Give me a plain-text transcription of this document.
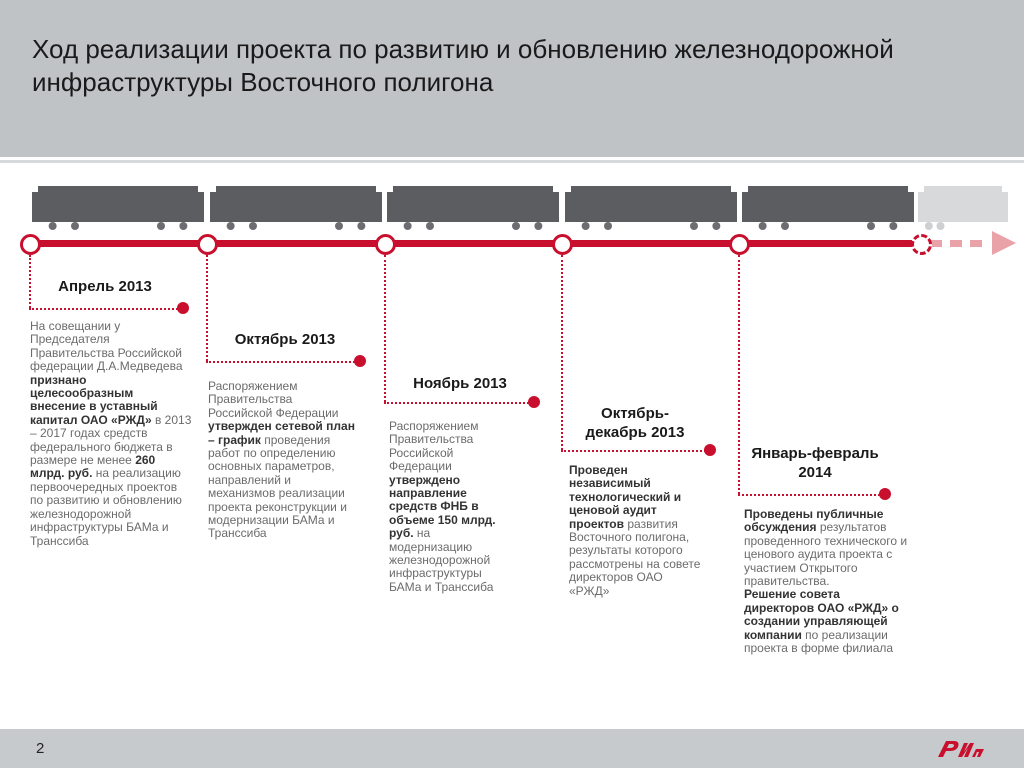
Ход реализации проекта по развитию и обновлению железнодорожной инфраструктуры Восточного полигона
Апрель 2013
На совещании у Председателя Правительства Российской федерации Д.А.Медведева признано целесообразным внесение в уставный капитал ОАО «РЖД» в 2013 – 2017 годах средств федерального бюджета в размере не менее 260 млрд. руб. на реализацию первоочередных проектов по развитию и обновлению железнодорожной инфраструктуры БАМа и Транссиба
Октябрь 2013
Распоряжением Правительства Российской Федерации утвержден сетевой план – график проведения работ по определению основных параметров, направлений и механизмов реализации проекта реконструкции и модернизации БАМа и Транссиба
Ноябрь 2013
Распоряжением Правительства Российской Федерации утверждено направление средств ФНБ в объеме 150 млрд. руб. на модернизацию железнодорожной инфраструктуры БАМа и Транссиба
Октябрь-декабрь 2013
Проведен независимый технологический и ценовой аудит проектов развития Восточного полигона, результаты которого рассмотрены на совете директоров ОАО «РЖД»
Январь-февраль 2014
Проведены публичные обсуждения результатов проведенного технического и ценового аудита проекта с участием Открытого правительства.
Решение совета директоров ОАО «РЖД» о создании управляющей компании по реализации проекта в форме филиала
2
